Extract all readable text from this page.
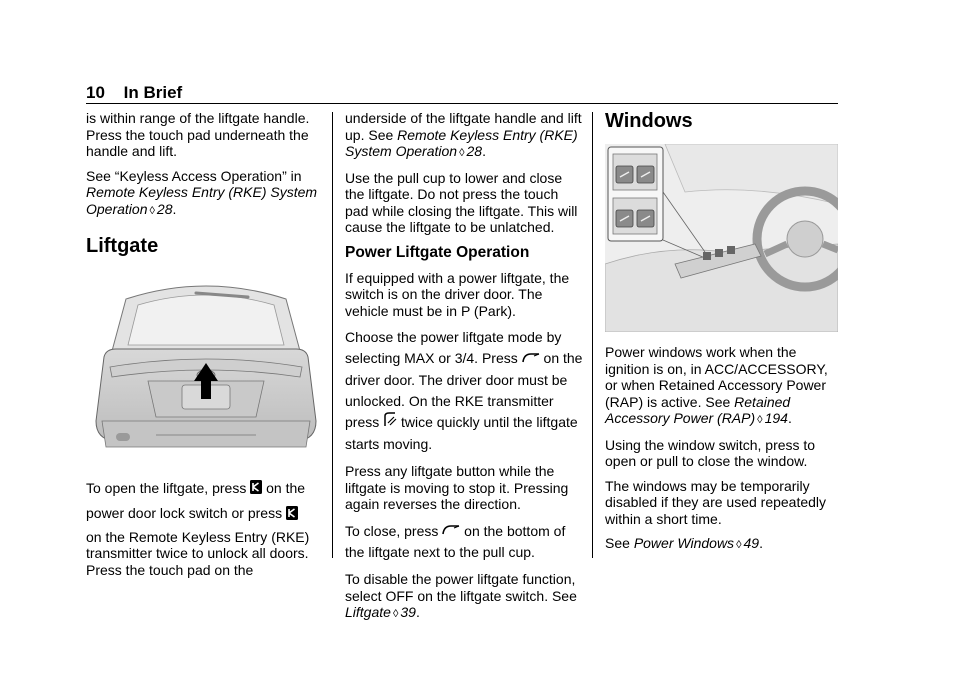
10 In Brief

is within range of the liftgate handle. Press the touch pad underneath the handle and lift.

See “Keyless Access Operation” in Remote Keyless Entry (RKE) System Operation ◊ 28.

Liftgate

To open the liftgate, press on the power door lock switch or press

on the Remote Keyless Entry (RKE) transmitter twice to unlock all doors. Press the touch pad on the

underside of the liftgate handle and lift up. See Remote Keyless Entry (RKE) System Operation ◊ 28.

Use the pull cup to lower and close the liftgate. Do not press the touch pad while closing the liftgate. This will cause the liftgate to be unlatched.

Power Liftgate Operation

If equipped with a power liftgate, the switch is on the driver door. The vehicle must be in P (Park).

Choose the power liftgate mode by selecting MAX or 3/4. Press on the driver door. The driver door must be unlocked. On the RKE transmitter press twice quickly until the liftgate starts moving.

Press any liftgate button while the liftgate is moving to stop it. Pressing again reverses the direction.

To close, press on the bottom of the liftgate next to the pull cup.

To disable the power liftgate function, select OFF on the liftgate switch. See Liftgate ◊ 39.

Windows

Power windows work when the ignition is on, in ACC/ACCESSORY, or when Retained Accessory Power (RAP) is active. See Retained Accessory Power (RAP) ◊ 194.

Using the window switch, press to open or pull to close the window.

The windows may be temporarily disabled if they are used repeatedly within a short time.

See Power Windows ◊ 49.
